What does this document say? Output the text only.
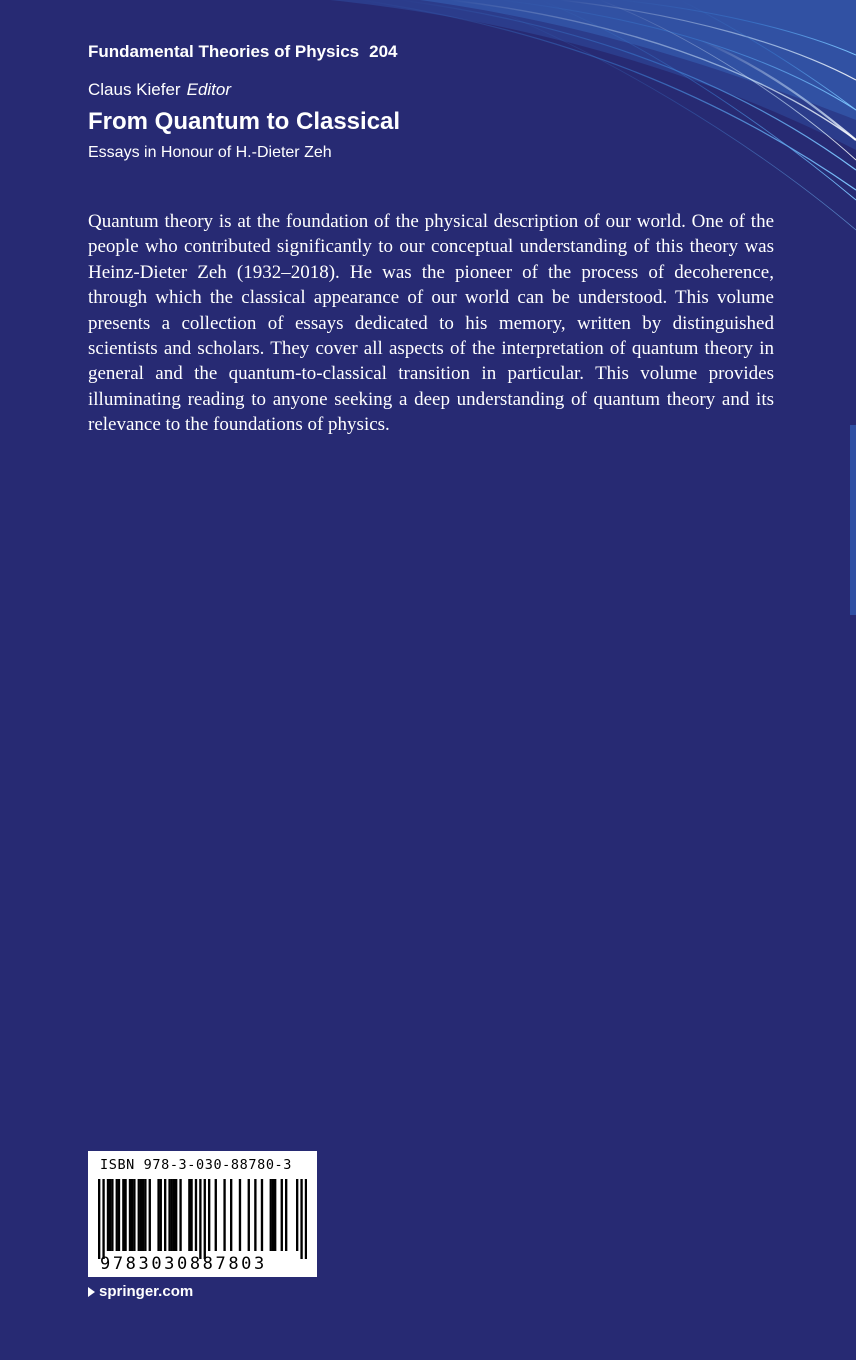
Fundamental Theories of Physics 204
Claus Kiefer Editor
From Quantum to Classical
Essays in Honour of H.-Dieter Zeh

Quantum theory is at the foundation of the physical description of our world. One of the people who contributed significantly to our conceptual understanding of this theory was Heinz-Dieter Zeh (1932–2018). He was the pioneer of the process of decoherence, through which the classical appearance of our world can be understood. This volume presents a collection of essays dedicated to his memory, written by distinguished scientists and scholars. They cover all aspects of the interpretation of quantum theory in general and the quantum-to-classical transition in particular. This volume provides illuminating reading to anyone seeking a deep understanding of quantum theory and its relevance to the foundations of physics.

ISBN 978-3-030-88780-3
9783030887803
springer.com
